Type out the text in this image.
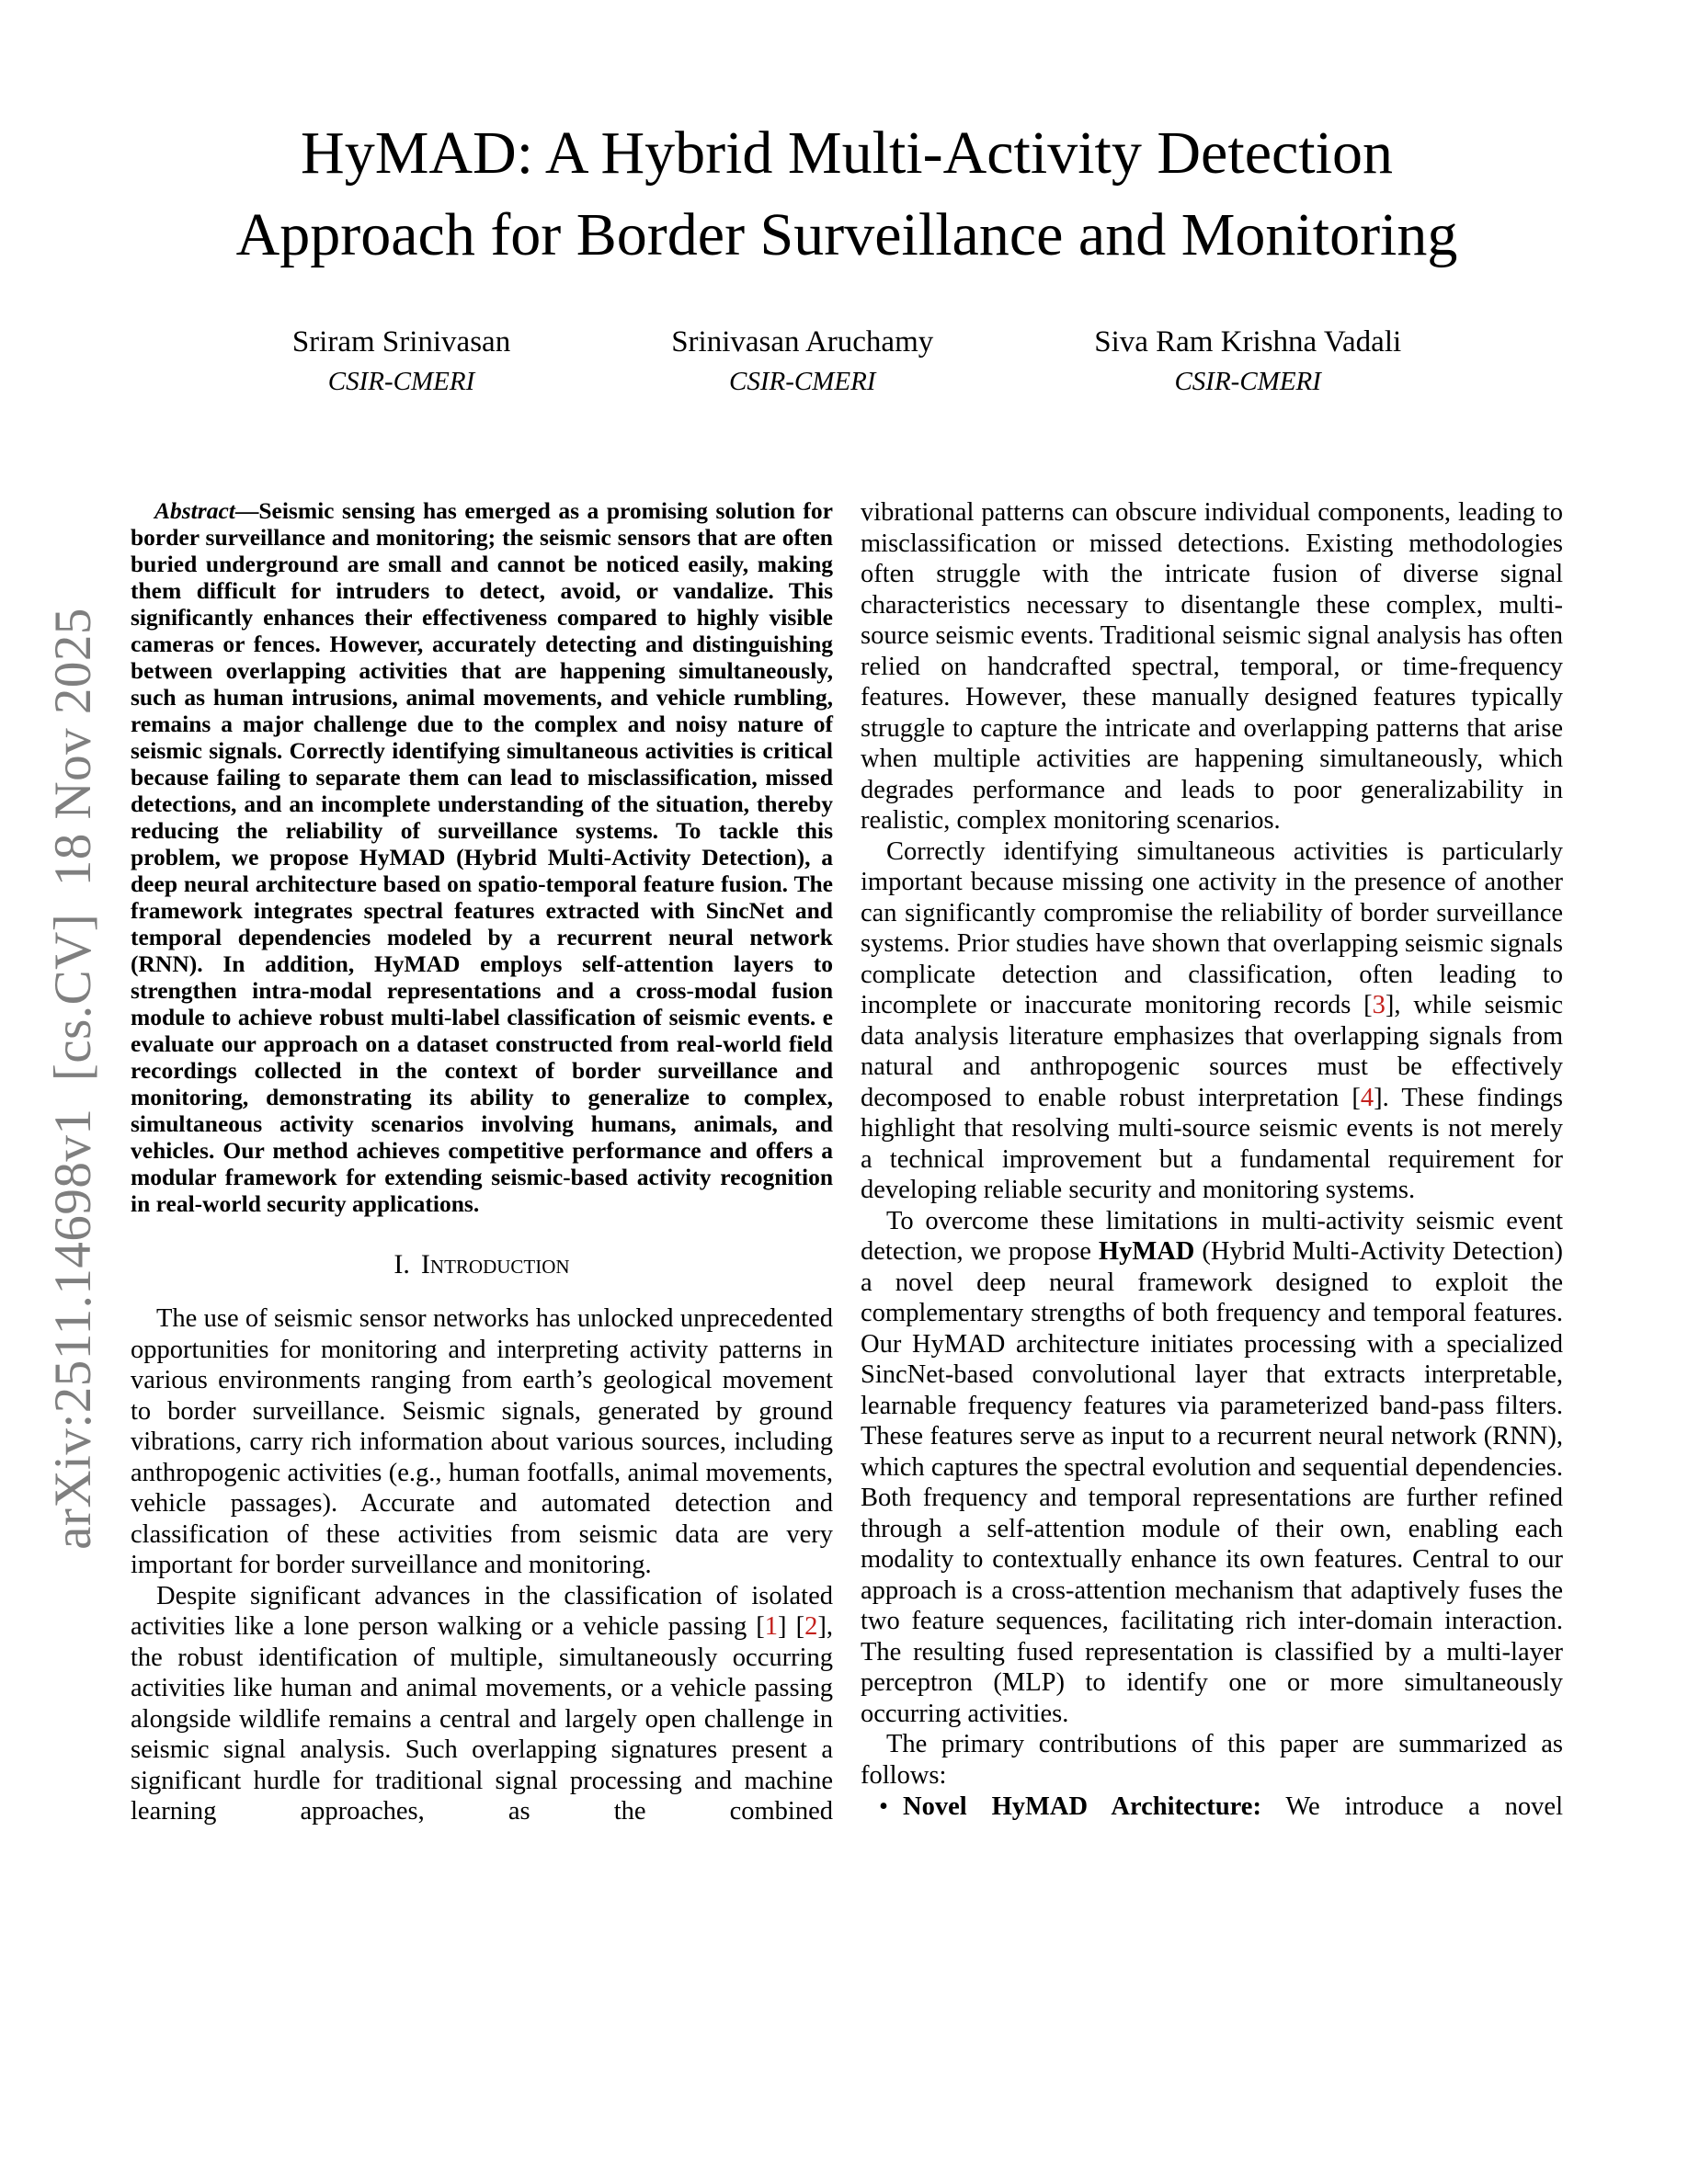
arXiv:2511.14698v1  [cs.CV]  18 Nov 2025
HyMAD: A Hybrid Multi-Activity Detection
Approach for Border Surveillance and Monitoring
Sriram Srinivasan
CSIR-CMERI
Srinivasan Aruchamy
CSIR-CMERI
Siva Ram Krishna Vadali
CSIR-CMERI

Abstract—Seismic sensing has emerged as a promising solution for border surveillance and monitoring; the seismic sensors that are often buried underground are small and cannot be noticed easily, making them difficult for intruders to detect, avoid, or vandalize. This significantly enhances their effectiveness compared to highly visible cameras or fences. However, accurately detecting and distinguishing between overlapping activities that are happening simultaneously, such as human intrusions, animal movements, and vehicle rumbling, remains a major challenge due to the complex and noisy nature of seismic signals. Correctly identifying simultaneous activities is critical because failing to separate them can lead to misclassification, missed detections, and an incomplete understanding of the situation, thereby reducing the reliability of surveillance systems. To tackle this problem, we propose HyMAD (Hybrid Multi-Activity Detection), a deep neural architecture based on spatio-temporal feature fusion. The framework integrates spectral features extracted with SincNet and temporal dependencies modeled by a recurrent neural network (RNN). In addition, HyMAD employs self-attention layers to strengthen intra-modal representations and a cross-modal fusion module to achieve robust multi-label classification of seismic events. e evaluate our approach on a dataset constructed from real-world field recordings collected in the context of border surveillance and monitoring, demonstrating its ability to generalize to complex, simultaneous activity scenarios involving humans, animals, and vehicles. Our method achieves competitive performance and offers a modular framework for extending seismic-based activity recognition in real-world security applications.

I. Introduction

The use of seismic sensor networks has unlocked unprecedented opportunities for monitoring and interpreting activity patterns in various environments ranging from earth’s geological movement to border surveillance. Seismic signals, generated by ground vibrations, carry rich information about various sources, including anthropogenic activities (e.g., human footfalls, animal movements, vehicle passages). Accurate and automated detection and classification of these activities from seismic data are very important for border surveillance and monitoring.

Despite significant advances in the classification of isolated activities like a lone person walking or a vehicle passing [1] [2], the robust identification of multiple, simultaneously occurring activities like human and animal movements, or a vehicle passing alongside wildlife remains a central and largely open challenge in seismic signal analysis. Such overlapping signatures present a significant hurdle for traditional signal processing and machine learning approaches, as the combined

vibrational patterns can obscure individual components, leading to misclassification or missed detections. Existing methodologies often struggle with the intricate fusion of diverse signal characteristics necessary to disentangle these complex, multi-source seismic events. Traditional seismic signal analysis has often relied on handcrafted spectral, temporal, or time-frequency features. However, these manually designed features typically struggle to capture the intricate and overlapping patterns that arise when multiple activities are happening simultaneously, which degrades performance and leads to poor generalizability in realistic, complex monitoring scenarios.

Correctly identifying simultaneous activities is particularly important because missing one activity in the presence of another can significantly compromise the reliability of border surveillance systems. Prior studies have shown that overlapping seismic signals complicate detection and classification, often leading to incomplete or inaccurate monitoring records [3], while seismic data analysis literature emphasizes that overlapping signals from natural and anthropogenic sources must be effectively decomposed to enable robust interpretation [4]. These findings highlight that resolving multi-source seismic events is not merely a technical improvement but a fundamental requirement for developing reliable security and monitoring systems.

To overcome these limitations in multi-activity seismic event detection, we propose HyMAD (Hybrid Multi-Activity Detection) a novel deep neural framework designed to exploit the complementary strengths of both frequency and temporal features. Our HyMAD architecture initiates processing with a specialized SincNet-based convolutional layer that extracts interpretable, learnable frequency features via parameterized band-pass filters. These features serve as input to a recurrent neural network (RNN), which captures the spectral evolution and sequential dependencies. Both frequency and temporal representations are further refined through a self-attention module of their own, enabling each modality to contextually enhance its own features. Central to our approach is a cross-attention mechanism that adaptively fuses the two feature sequences, facilitating rich inter-domain interaction. The resulting fused representation is classified by a multi-layer perceptron (MLP) to identify one or more simultaneously occurring activities.

The primary contributions of this paper are summarized as follows:

• Novel HyMAD Architecture: We introduce a novel
